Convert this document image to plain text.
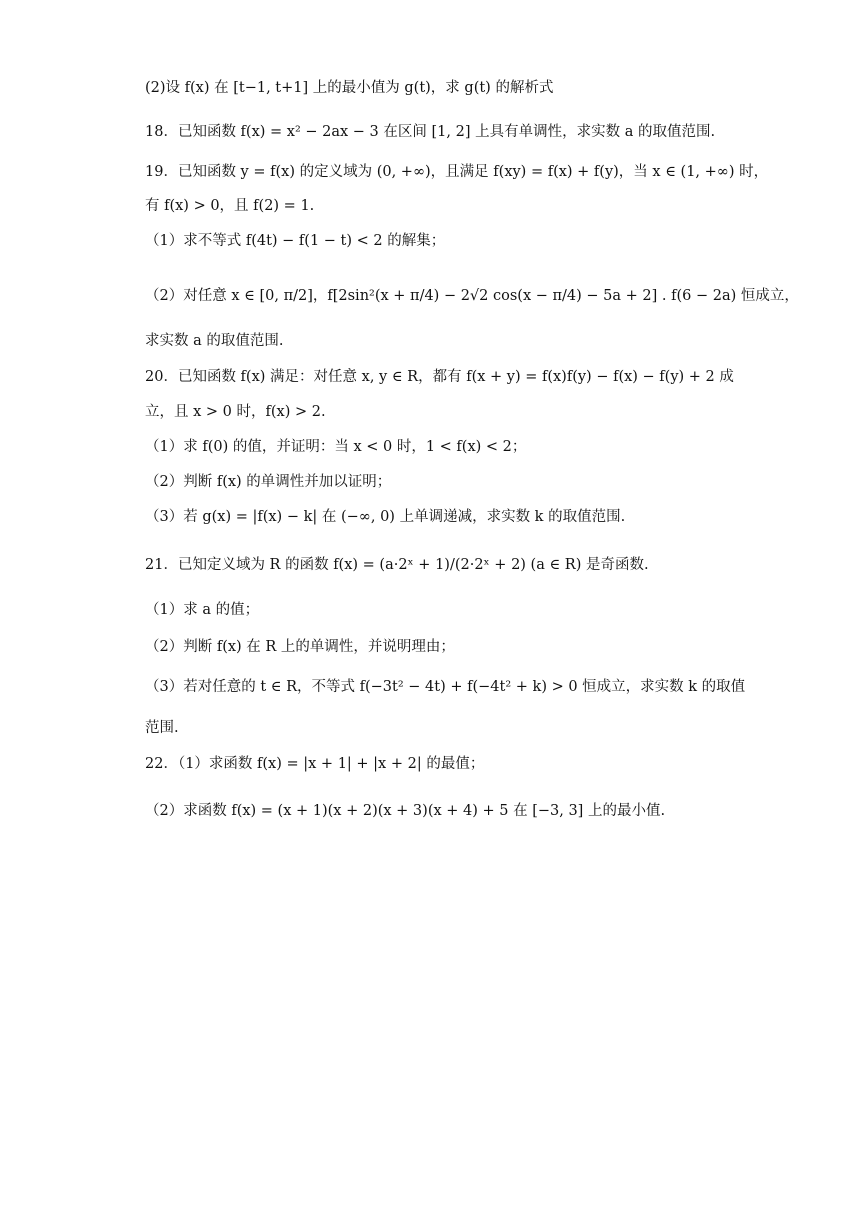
(2)设 f(x) 在 [t−1, t+1] 上的最小值为 g(t)，求 g(t) 的解析式
18．已知函数 f(x) = x² − 2ax − 3 在区间 [1, 2] 上具有单调性，求实数 a 的取值范围.
19．已知函数 y = f(x) 的定义域为 (0, +∞)，且满足 f(xy) = f(x) + f(y)，当 x ∈ (1, +∞) 时，
有 f(x) > 0，且 f(2) = 1.
（1）求不等式 f(4t) − f(1 − t) < 2 的解集；
（2）对任意 x ∈ [0, π/2]，f[2sin²(x + π/4) − 2√2 cos(x − π/4) − 5a + 2] . f(6 − 2a) 恒成立，
求实数 a 的取值范围.
20．已知函数 f(x) 满足：对任意 x, y ∈ R，都有 f(x + y) = f(x)f(y) − f(x) − f(y) + 2 成
立，且 x > 0 时，f(x) > 2.
（1）求 f(0) 的值，并证明：当 x < 0 时，1 < f(x) < 2；
（2）判断 f(x) 的单调性并加以证明；
（3）若 g(x) = |f(x) − k| 在 (−∞, 0) 上单调递减，求实数 k 的取值范围.
21．已知定义域为 R 的函数 f(x) = (a·2ˣ + 1)/(2·2ˣ + 2) (a ∈ R) 是奇函数.
（1）求 a 的值；
（2）判断 f(x) 在 R 上的单调性，并说明理由；
（3）若对任意的 t ∈ R，不等式 f(−3t² − 4t) + f(−4t² + k) > 0 恒成立，求实数 k 的取值
范围.
22．（1）求函数 f(x) = |x + 1| + |x + 2| 的最值；
（2）求函数 f(x) = (x + 1)(x + 2)(x + 3)(x + 4) + 5 在 [−3, 3] 上的最小值.
